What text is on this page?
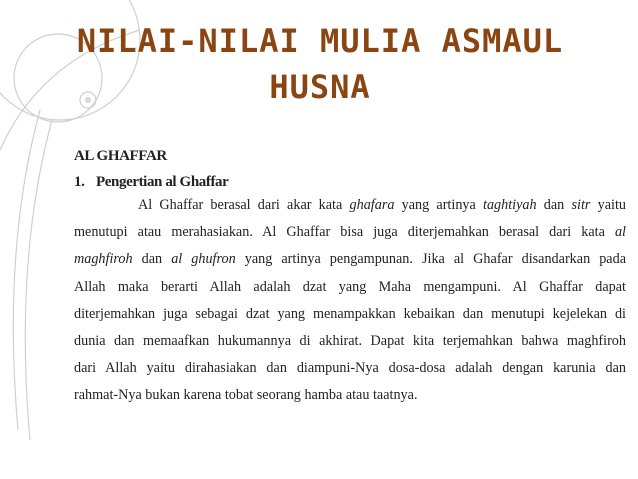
NILAI-NILAI MULIA ASMAUL
HUSNA
AL GHAFFAR
1. Pengertian al Ghaffar
Al Ghaffar berasal dari akar kata ghafara yang artinya taghtiyah dan sitr yaitu
menutupi atau merahasiakan. Al Ghaffar bisa juga diterjemahkan berasal dari kata al
maghfiroh dan al ghufron yang artinya pengampunan. Jika al Ghafar disandarkan pada
Allah maka berarti Allah adalah dzat yang Maha mengampuni. Al Ghaffar dapat
diterjemahkan juga sebagai dzat yang menampakkan kebaikan dan menutupi kejelekan di
dunia dan memaafkan hukumannya di akhirat. Dapat kita terjemahkan bahwa maghfiroh
dari Allah yaitu dirahasiakan dan diampuni-Nya dosa-dosa adalah dengan karunia dan
rahmat-Nya bukan karena tobat seorang hamba atau taatnya.
